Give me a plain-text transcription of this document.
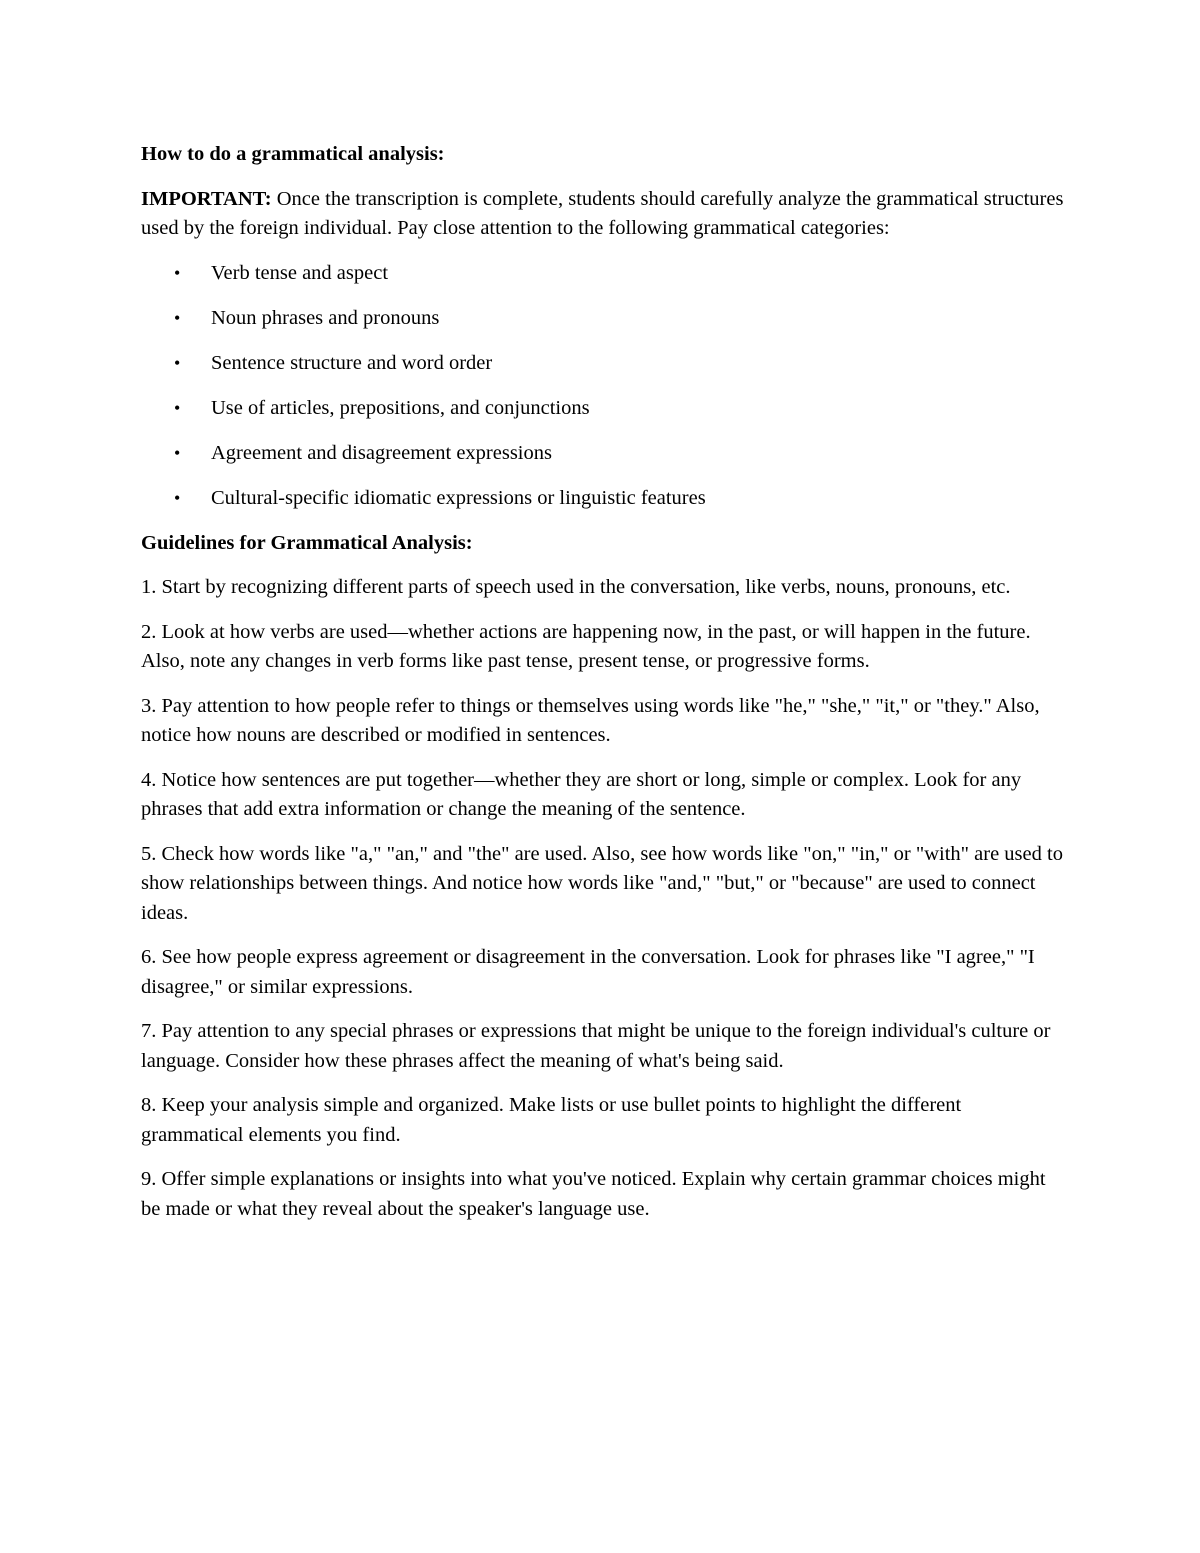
How to do a grammatical analysis:
IMPORTANT: Once the transcription is complete, students should carefully analyze the grammatical structures used by the foreign individual. Pay close attention to the following grammatical categories:
• Verb tense and aspect
• Noun phrases and pronouns
• Sentence structure and word order
• Use of articles, prepositions, and conjunctions
• Agreement and disagreement expressions
• Cultural-specific idiomatic expressions or linguistic features
Guidelines for Grammatical Analysis:
1. Start by recognizing different parts of speech used in the conversation, like verbs, nouns, pronouns, etc.
2. Look at how verbs are used—whether actions are happening now, in the past, or will happen in the future. Also, note any changes in verb forms like past tense, present tense, or progressive forms.
3. Pay attention to how people refer to things or themselves using words like "he," "she," "it," or "they." Also, notice how nouns are described or modified in sentences.
4. Notice how sentences are put together—whether they are short or long, simple or complex. Look for any phrases that add extra information or change the meaning of the sentence.
5. Check how words like "a," "an," and "the" are used. Also, see how words like "on," "in," or "with" are used to show relationships between things. And notice how words like "and," "but," or "because" are used to connect ideas.
6. See how people express agreement or disagreement in the conversation. Look for phrases like "I agree," "I disagree," or similar expressions.
7. Pay attention to any special phrases or expressions that might be unique to the foreign individual's culture or language. Consider how these phrases affect the meaning of what's being said.
8. Keep your analysis simple and organized. Make lists or use bullet points to highlight the different grammatical elements you find.
9. Offer simple explanations or insights into what you've noticed. Explain why certain grammar choices might be made or what they reveal about the speaker's language use.
